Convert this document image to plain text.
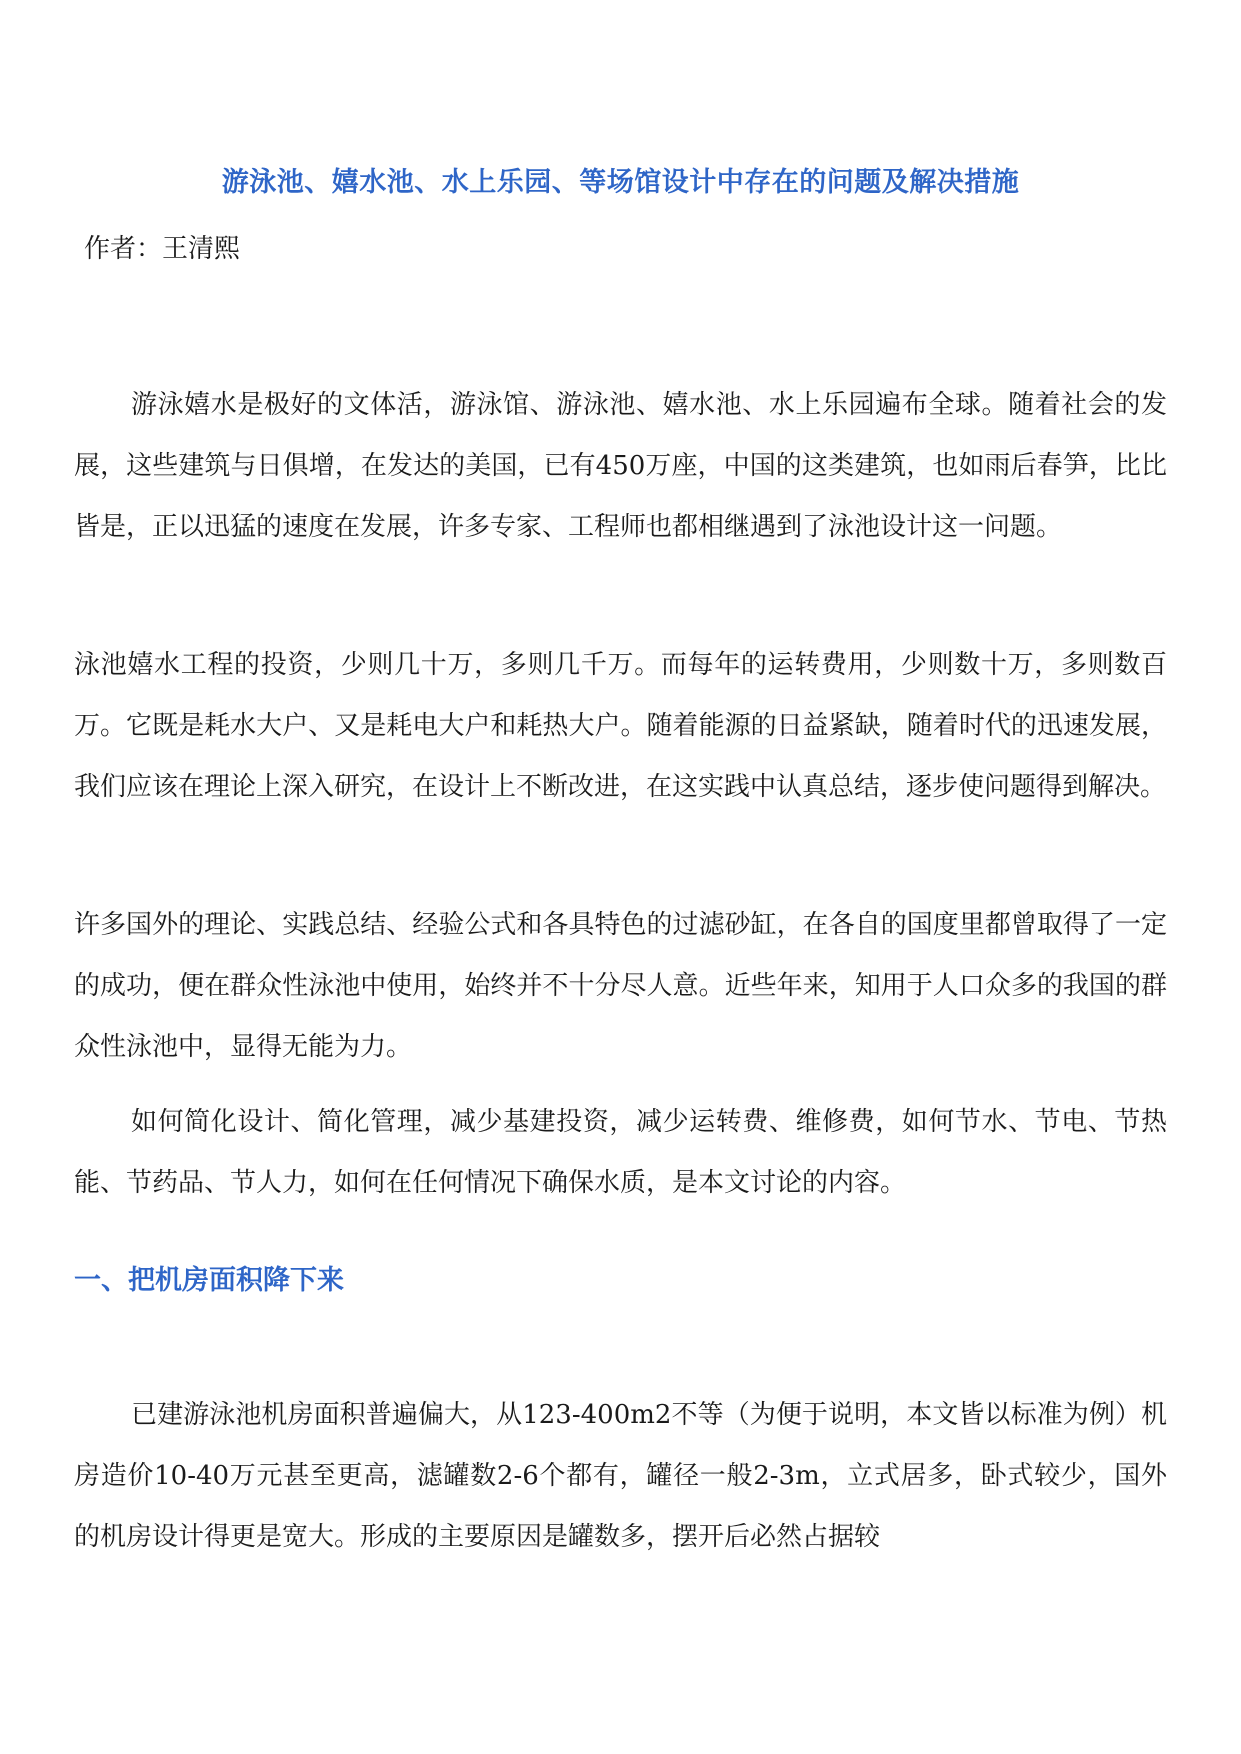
游泳池、嬉水池、水上乐园、等场馆设计中存在的问题及解决措施

作者：王清熙

游泳嬉水是极好的文体活，游泳馆、游泳池、嬉水池、水上乐园遍布全球。随着社会的发展，这些建筑与日俱增，在发达的美国，已有450万座，中国的这类建筑，也如雨后春笋，比比皆是，正以迅猛的速度在发展，许多专家、工程师也都相继遇到了泳池设计这一问题。

泳池嬉水工程的投资，少则几十万，多则几千万。而每年的运转费用，少则数十万，多则数百万。它既是耗水大户、又是耗电大户和耗热大户。随着能源的日益紧缺，随着时代的迅速发展，我们应该在理论上深入研究，在设计上不断改进，在这实践中认真总结，逐步使问题得到解决。

许多国外的理论、实践总结、经验公式和各具特色的过滤砂缸，在各自的国度里都曾取得了一定的成功，便在群众性泳池中使用，始终并不十分尽人意。近些年来，知用于人口众多的我国的群众性泳池中，显得无能为力。

如何简化设计、简化管理，减少基建投资，减少运转费、维修费，如何节水、节电、节热能、节药品、节人力，如何在任何情况下确保水质，是本文讨论的内容。

一、把机房面积降下来

已建游泳池机房面积普遍偏大，从123-400m2不等（为便于说明，本文皆以标准为例）机房造价10-40万元甚至更高，滤罐数2-6个都有，罐径一般2-3m，立式居多，卧式较少，国外的机房设计得更是宽大。形成的主要原因是罐数多，摆开后必然占据较
